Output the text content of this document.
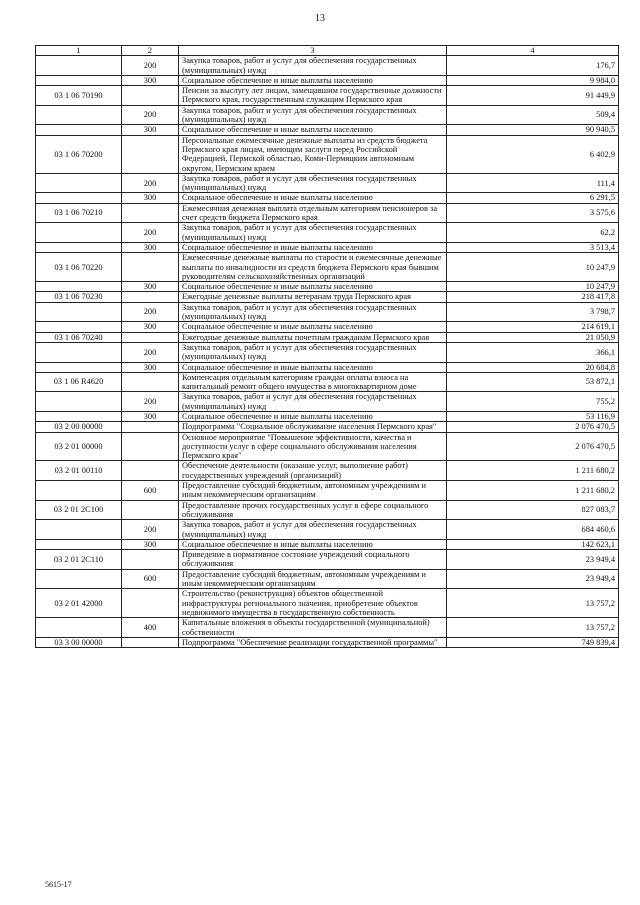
13
1	2	3	4
	200	Закупка товаров, работ и услуг для обеспечения государственных (муниципальных) нужд	176,7
	300	Социальное обеспечение и иные выплаты населению	9 984,0
03 1 06 70190		Пенсии за выслугу лет лицам, замещавшим государственные должности Пермского края, государственным служащим Пермского края	91 449,9
	200	Закупка товаров, работ и услуг для обеспечения государственных (муниципальных) нужд	509,4
	300	Социальное обеспечение и иные выплаты населению	90 940,5
03 1 06 70200		Персональные ежемесячные денежные выплаты из средств бюджета Пермского края лицам, имеющим заслуги перед Российской Федерацией, Пермской областью, Коми-Пермяцким автономным округом, Пермским краем	6 402,9
	200	Закупка товаров, работ и услуг для обеспечения государственных (муниципальных) нужд	111,4
	300	Социальное обеспечение и иные выплаты населению	6 291,5
03 1 06 70210		Ежемесячная денежная выплата отдельным категориям пенсионеров за счет средств бюджета Пермского края	3 575,6
	200	Закупка товаров, работ и услуг для обеспечения государственных (муниципальных) нужд	62,2
	300	Социальное обеспечение и иные выплаты населению	3 513,4
03 1 06 70220		Ежемесячные денежные выплаты по старости и ежемесячные денежные выплаты по инвалидности из средств бюджета Пермского края бывшим руководителям сельскохозяйственных организаций	10 247,9
	300	Социальное обеспечение и иные выплаты населению	10 247,9
03 1 06 70230		Ежегодные денежные выплаты ветеранам труда Пермского края	218 417,8
	200	Закупка товаров, работ и услуг для обеспечения государственных (муниципальных) нужд	3 798,7
	300	Социальное обеспечение и иные выплаты населению	214 619,1
03 1 06 70240		Ежегодные денежные выплаты почетным гражданам Пермского края	21 050,9
	200	Закупка товаров, работ и услуг для обеспечения государственных (муниципальных) нужд	366,1
	300	Социальное обеспечение и иные выплаты населению	20 684,8
03 1 06 R4620		Компенсация отдельным категориям граждан оплаты взноса на капитальный ремонт общего имущества в многоквартирном доме	53 872,1
	200	Закупка товаров, работ и услуг для обеспечения государственных (муниципальных) нужд	755,2
	300	Социальное обеспечение и иные выплаты населению	53 116,9
03 2 00 00000		Подпрограмма "Социальное обслуживание населения Пермского края"	2 076 470,5
03 2 01 00000		Основное мероприятие "Повышение эффективности, качества и доступности услуг в сфере социального обслуживания населения Пермского края"	2 076 470,5
03 2 01 00110		Обеспечение деятельности (оказание услуг, выполнение работ) государственных учреждений (организаций)	1 211 680,2
	600	Предоставление субсидий бюджетным, автономным учреждениям и иным некоммерческим организациям	1 211 680,2
03 2 01 2С100		Предоставление прочих государственных услуг в сфере социального обслуживания	827 083,7
	200	Закупка товаров, работ и услуг для обеспечения государственных (муниципальных) нужд	684 460,6
	300	Социальное обеспечение и иные выплаты населению	142 623,1
03 2 01 2С110		Приведение в нормативное состояние учреждений социального обслуживания	23 949,4
	600	Предоставление субсидий бюджетным, автономным учреждениям и иным некоммерческим организациям	23 949,4
03 2 01 42000		Строительство (реконструкция) объектов общественной инфраструктуры регионального значения, приобретение объектов недвижимого имущества в государственную собственность	13 757,2
	400	Капитальные вложения в объекты государственной (муниципальной) собственности	13 757,2
03 3 00 00000		Подпрограмма "Обеспечение реализации государственной программы"	749 839,4
5615-17
